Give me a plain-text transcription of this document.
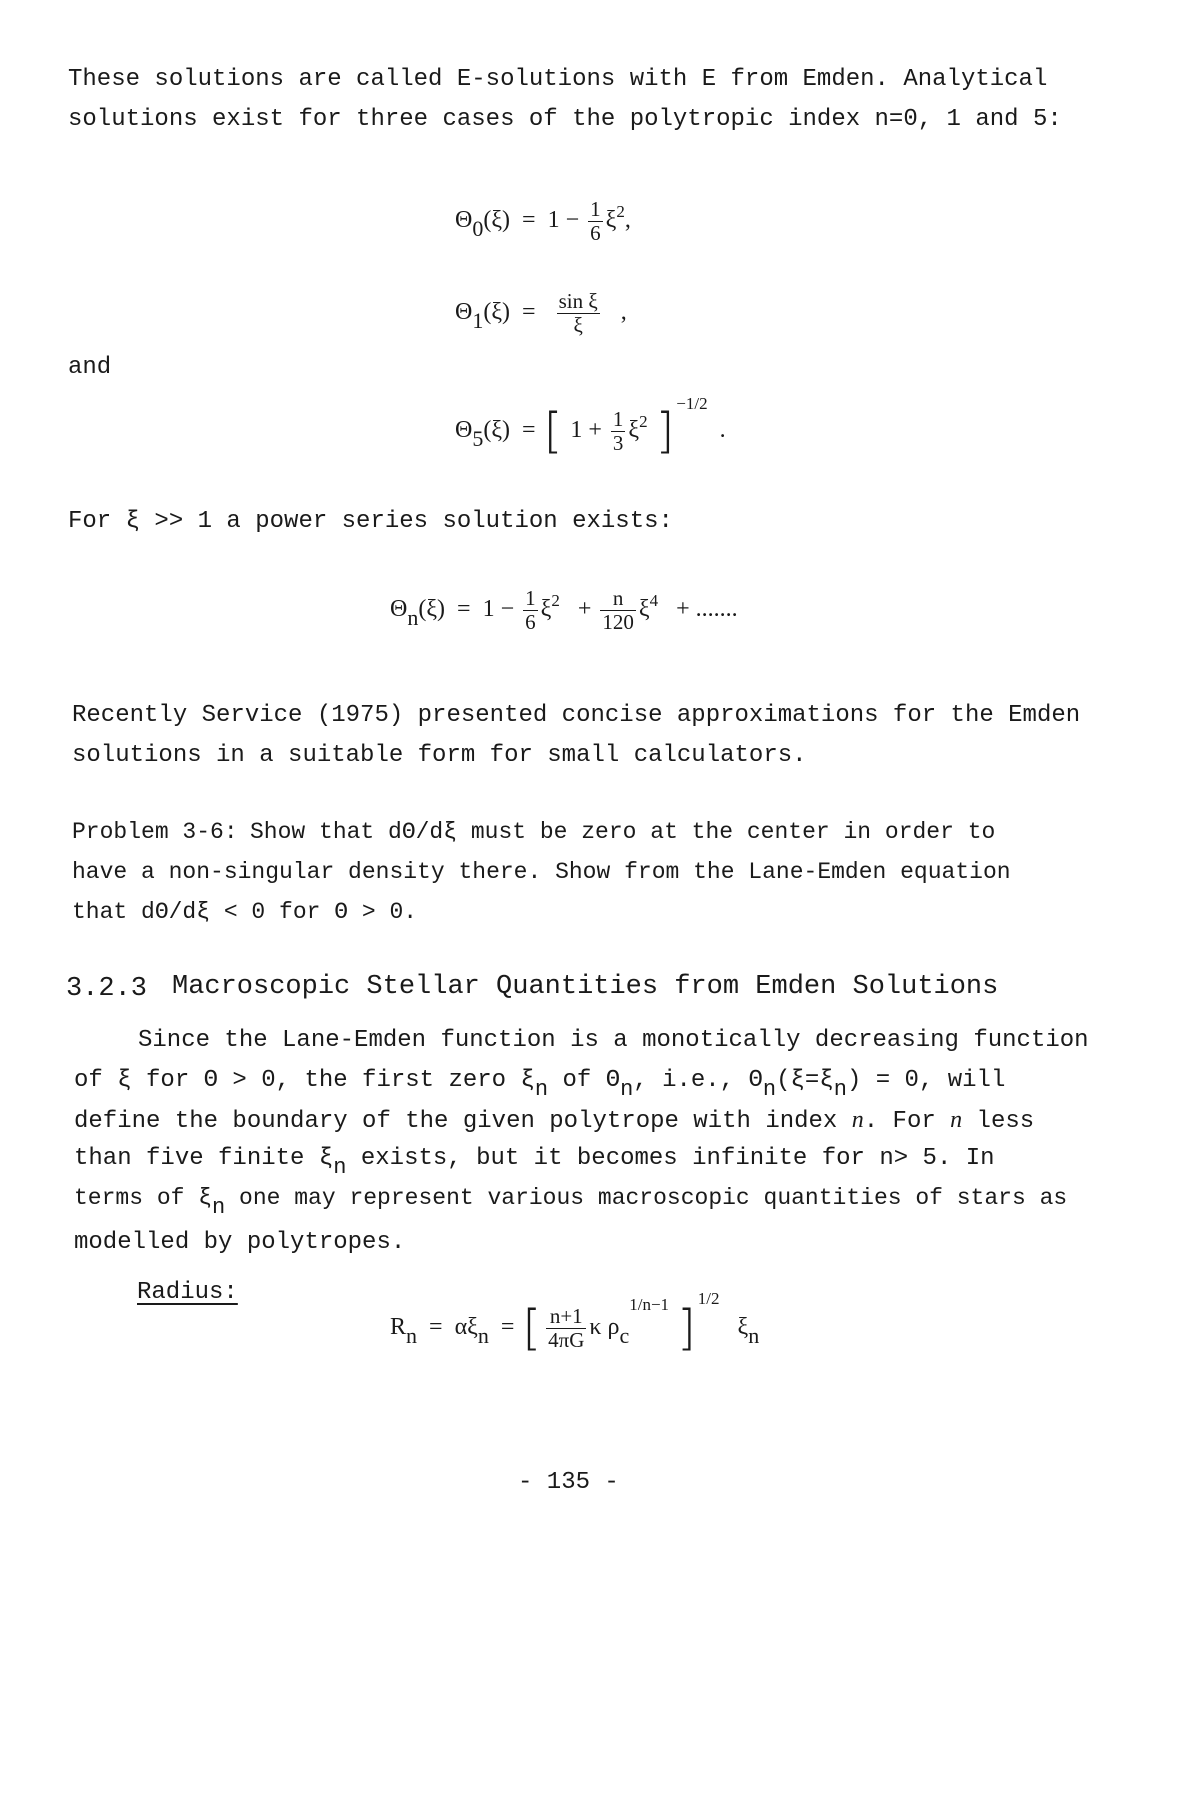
These solutions are called E-solutions with E from Emden. Analytical
solutions exist for three cases of the polytropic index n=0, 1 and 5:
$\Theta 0(\xi) = 1 - \frac{1}{6} \xi^2$,
$\Theta 1(\xi) = \frac{\text{sin ξ}}{\xi}$ ,
and
Θ5(ξ) = [ $1 + \frac{1}{3} \xi^2$ ] $^{-1/2}$  .
For ξ >> 1 a power series solution exists:
$\Theta n(\xi) = 1 - \frac{1}{6} \xi^2 + \frac{n}{120} \xi^4$ + .......
Recently Service (1975) presented concise approximations for the Emden
solutions in a suitable form for small calculators.
Problem 3-6: Show that dΘ/dξ must be zero at the center in order to
have a non-singular density there. Show from the Lane-Emden equation
that dΘ/dξ < 0 for Θ > 0.
3.2.3 Macroscopic Stellar Quantities from Emden Solutions
Since the Lane-Emden function is a monotically decreasing function
of ξ for Θ > 0, the first zero ξn of Θn, i.e., Θn(ξ=ξn) = 0, will
define the boundary of the given polytrope with index n. For n less
than five finite ξn exists, but it becomes infinite for n> 5. In
terms of ξn one may represent various macroscopic quantities of stars as
modelled by polytropes.
Radius:
Rn = αξn = [ $\frac{n+1}{4\pi G}$ κ $\rho c^{1/n-1}$ ]$^{1/2}$   ξn
- 135 -
